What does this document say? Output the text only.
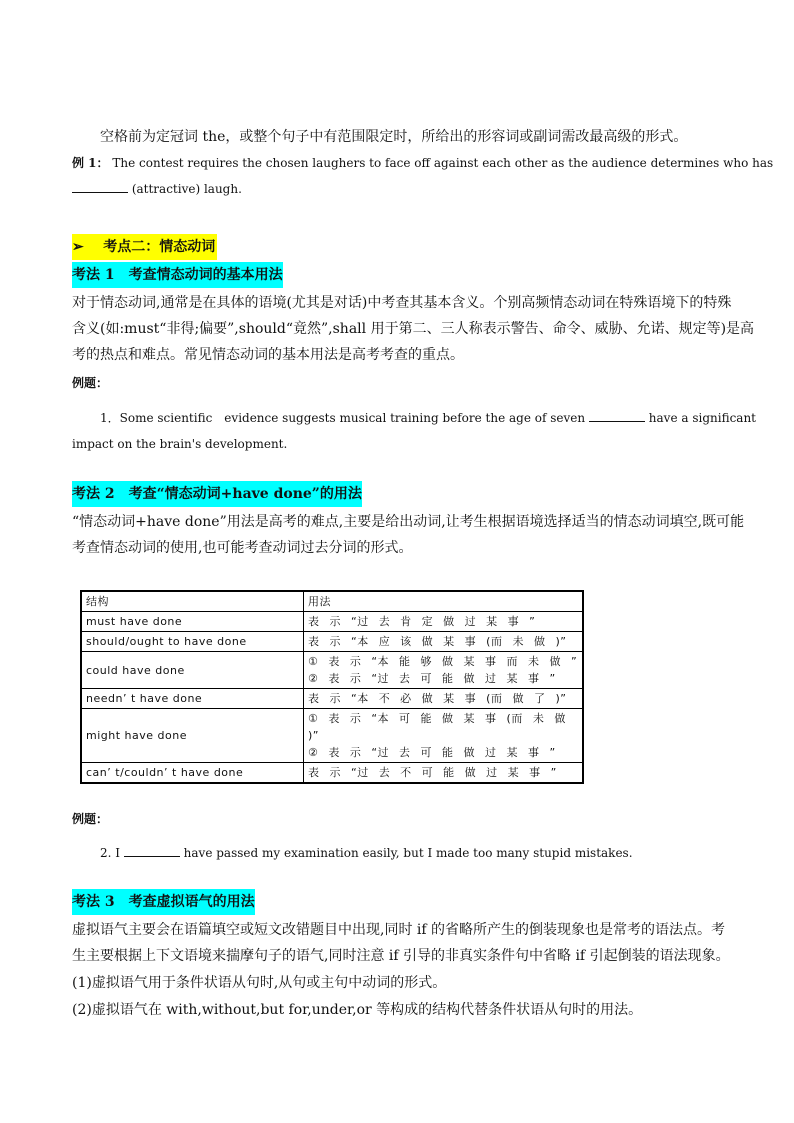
空格前为定冠词 the，或整个句子中有范围限定时，所给出的形容词或副词需改最高级的形式。
例 1： The contest requires the chosen laughers to face off against each other as the audience determines who has
(attractive) laugh.
➢ 考点二：情态动词
考法 1　考查情态动词的基本用法
对于情态动词,通常是在具体的语境(尤其是对话)中考查其基本含义。个别高频情态动词在特殊语境下的特殊
含义(如:must“非得;偏要”,should“竟然”,shall 用于第二、三人称表示警告、命令、威胁、允诺、规定等)是高
考的热点和难点。常见情态动词的基本用法是高考考查的重点。
例题：
1．Some scientific　evidence suggests musical training before the age of seven	have a significant
impact on the brain's development.
考法 2　考查“情态动词+have done”的用法
“情态动词+have done”用法是高考的难点,主要是给出动词,让考生根据语境选择适当的情态动词填空,既可能
考查情态动词的使用,也可能考查动词过去分词的形式。
结构	用法
must have done	表 示 “过 去 肯 定 做 过 某 事 ”

should/ought to have done	表 示 “本 应 该 做 某 事 (而 未 做 )”

could have done	① 表 示 “本 能 够 做 某 事 而 未 做 ”
② 表 示 “过 去 可 能 做 过 某 事 ”

needn’ t have done	表 示 “本 不 必 做 某 事 (而 做 了 )”

might have done	① 表 示 “本 可 能 做 某 事 (而 未 做 )”
② 表 示 “过 去 可 能 做 过 某 事 ”

can’ t/couldn’ t have done	表 示 “过 去 不 可 能 做 过 某 事 ”
例题：
2. I	have passed my examination easily, but I made too many stupid mistakes.
考法 3　考查虚拟语气的用法
虚拟语气主要会在语篇填空或短文改错题目中出现,同时 if 的省略所产生的倒装现象也是常考的语法点。考
生主要根据上下文语境来揣摩句子的语气,同时注意 if 引导的非真实条件句中省略 if 引起倒装的语法现象。
(1)虚拟语气用于条件状语从句时,从句或主句中动词的形式。
(2)虚拟语气在 with,without,but for,under,or 等构成的结构代替条件状语从句时的用法。
